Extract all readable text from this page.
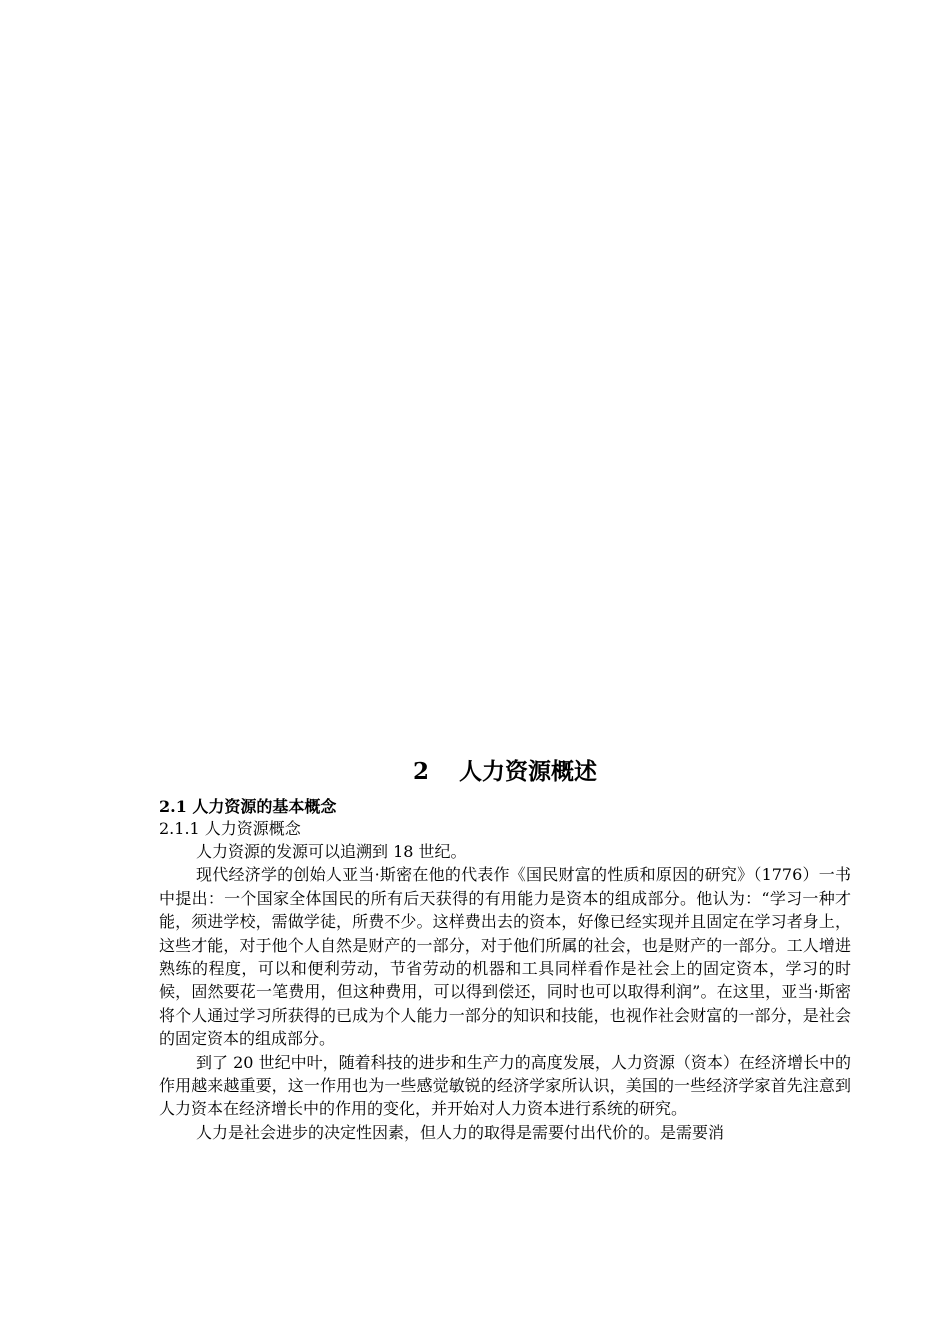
2 人力资源概述

2.1 人力资源的基本概念

2.1.1 人力资源概念

人力资源的发源可以追溯到 18 世纪。

现代经济学的创始人亚当·斯密在他的代表作《国民财富的性质和原因的研究》（1776）一书中提出：一个国家全体国民的所有后天获得的有用能力是资本的组成部分。他认为：“学习一种才能，须进学校，需做学徒，所费不少。这样费出去的资本，好像已经实现并且固定在学习者身上，这些才能，对于他个人自然是财产的一部分，对于他们所属的社会，也是财产的一部分。工人增进熟练的程度，可以和便利劳动，节省劳动的机器和工具同样看作是社会上的固定资本，学习的时候，固然要花一笔费用，但这种费用，可以得到偿还，同时也可以取得利润”。在这里，亚当·斯密将个人通过学习所获得的已成为个人能力一部分的知识和技能，也视作社会财富的一部分，是社会的固定资本的组成部分。

到了 20 世纪中叶，随着科技的进步和生产力的高度发展，人力资源（资本）在经济增长中的作用越来越重要，这一作用也为一些感觉敏锐的经济学家所认识，美国的一些经济学家首先注意到人力资本在经济增长中的作用的变化，并开始对人力资本进行系统的研究。

人力是社会进步的决定性因素，但人力的取得是需要付出代价的。是需要消
